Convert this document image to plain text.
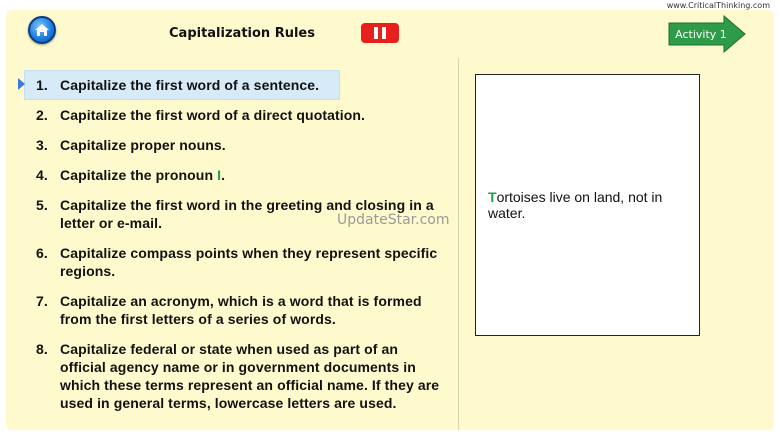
www.CriticalThinking.com
Capitalization Rules	Activity 1
1. Capitalize the first word of a sentence.
2. Capitalize the first word of a direct quotation.
3. Capitalize proper nouns.
4. Capitalize the pronoun I.
5. Capitalize the first word in the greeting and closing in a letter or e-mail.
6. Capitalize compass points when they represent specific regions.
7. Capitalize an acronym, which is a word that is formed from the first letters of a series of words.
8. Capitalize federal or state when used as part of an official agency name or in government documents in which these terms represent an official name. If they are used in general terms, lowercase letters are used.
UpdateStar.com
Tortoises live on land, not in water.
